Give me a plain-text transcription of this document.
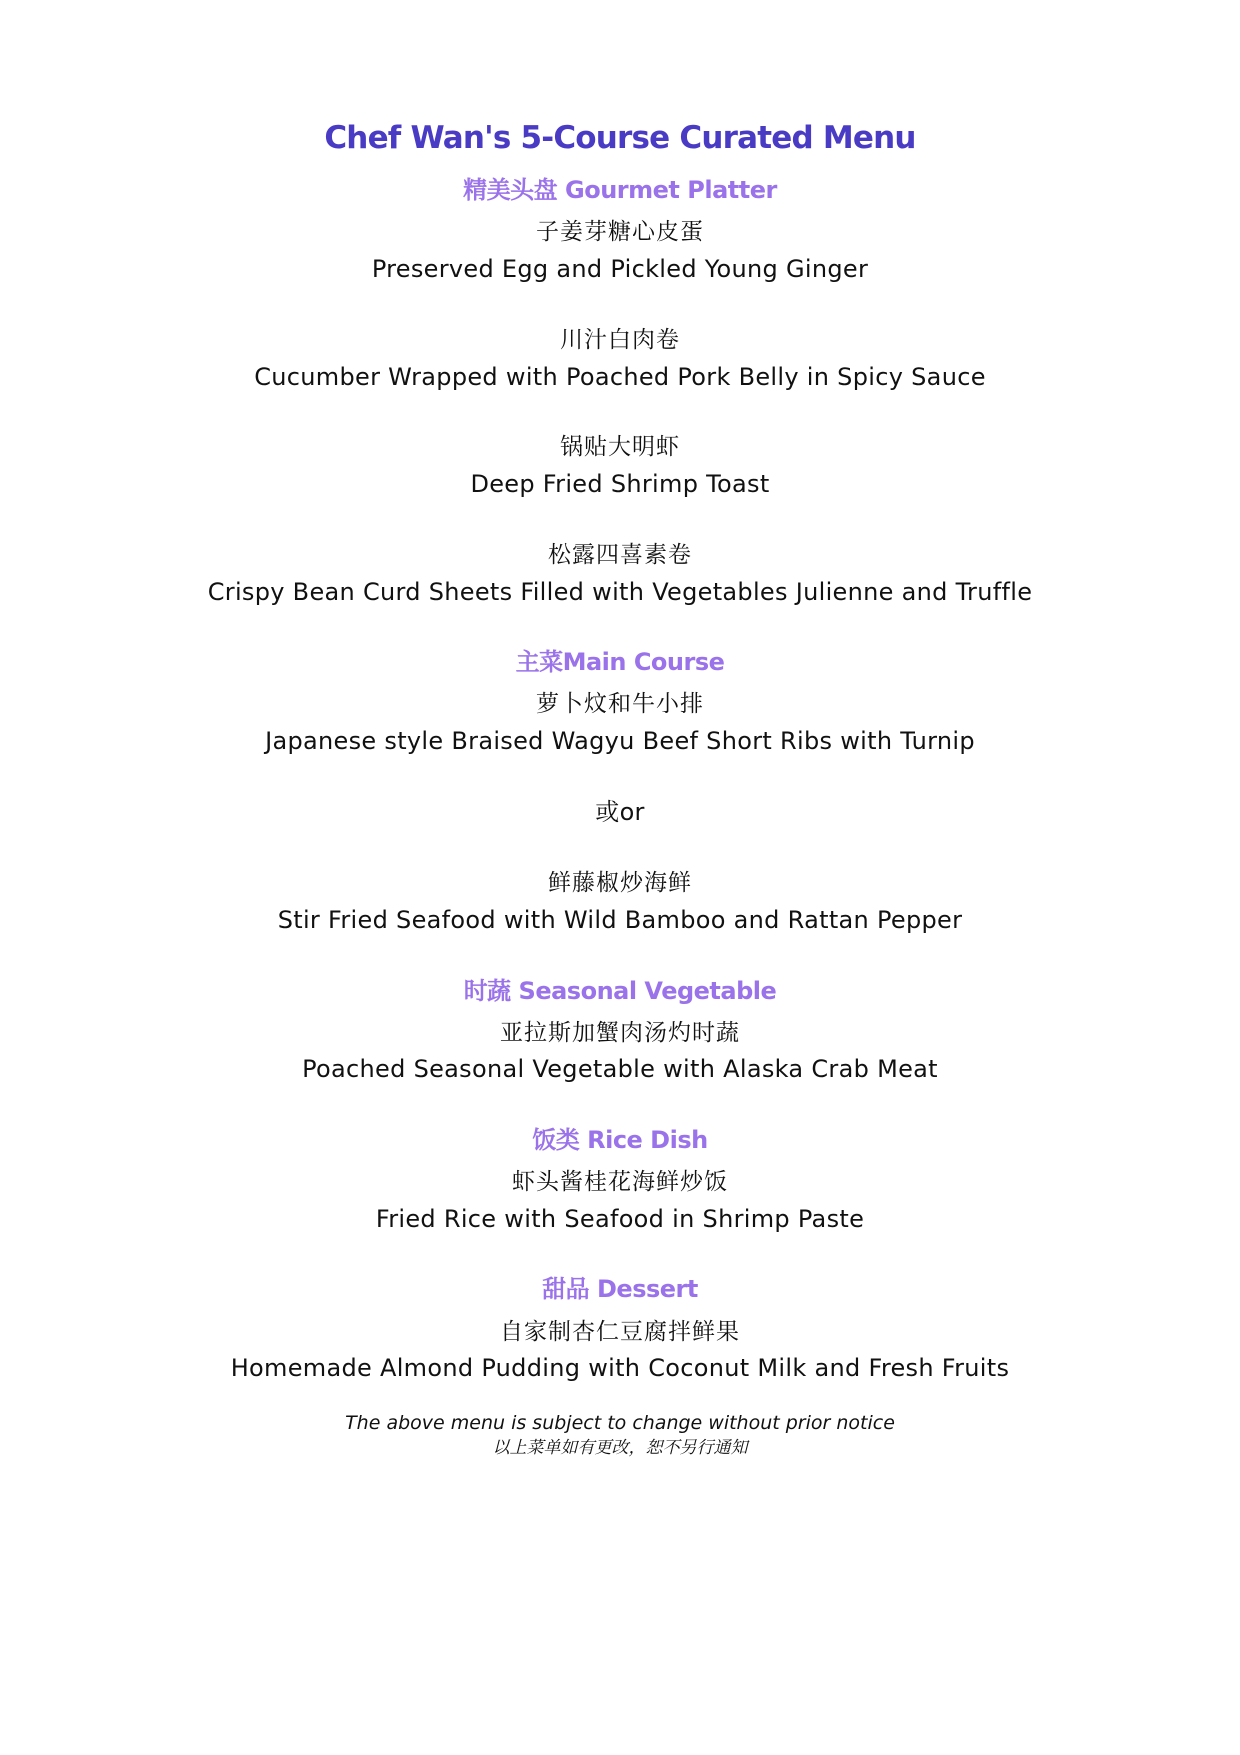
Chef Wan's 5-Course Curated Menu
精美头盘 Gourmet Platter
子姜芽糖心皮蛋
Preserved Egg and Pickled Young Ginger
川汁白肉卷
Cucumber Wrapped with Poached Pork Belly in Spicy Sauce
锅贴大明虾
Deep Fried Shrimp Toast
松露四喜素卷
Crispy Bean Curd Sheets Filled with Vegetables Julienne and Truffle
主菜Main Course
萝卜炆和牛小排
Japanese style Braised Wagyu Beef Short Ribs with Turnip
或or
鲜藤椒炒海鲜
Stir Fried Seafood with Wild Bamboo and Rattan Pepper
时蔬 Seasonal Vegetable
亚拉斯加蟹肉汤灼时蔬
Poached Seasonal Vegetable with Alaska Crab Meat
饭类 Rice Dish
虾头酱桂花海鲜炒饭
Fried Rice with Seafood in Shrimp Paste
甜品 Dessert
自家制杏仁豆腐拌鲜果
Homemade Almond Pudding with Coconut Milk and Fresh Fruits
The above menu is subject to change without prior notice
以上菜单如有更改，恕不另行通知
